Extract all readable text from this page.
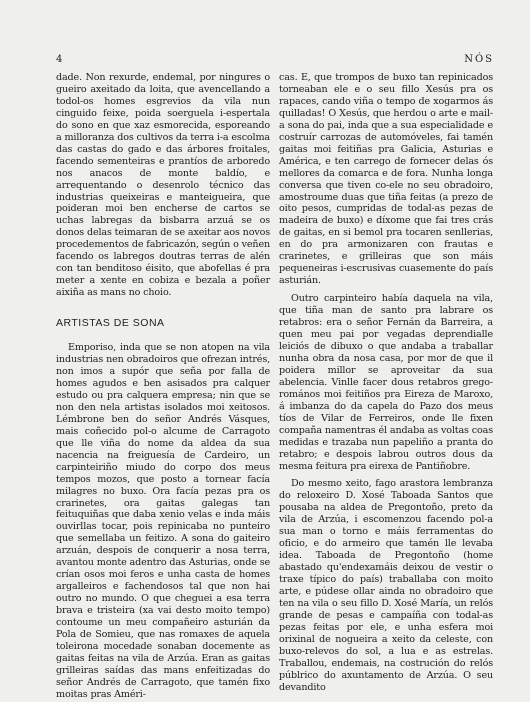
4	NÓS

dade. Non rexurde, endemal, por ningures o gueiro axeitado da loita, que avencellando a todol-os homes esgrevios da vila nun cinguido feixe, poida soerguela i-espertala do sono en que xaz esmorecida, esporeando a milloranza dos cultivos da terra i-a escolma das castas do gado e das árbores froitales, facendo sementeiras e prantíos de arboredo nos anacos de monte baldío, e arrequentando o desenrolo técnico das industrias queixeiras e manteigueira, que poideran moi ben encherse de cartos se uchas labregas da bisbarra arzuá se os donos delas teimaran de se axeitar aos novos procedementos de fabricazón, según o veñen facendo os labregos doutras terras de alén con tan benditoso éisito, que abofellas é pra meter a xente en cobiza e bezala a poñer aixiña as mans no choio.

ARTISTAS DE SONA

Emporiso, inda que se non atopen na vila industrias nen obradoiros que ofrezan intrés, non imos a supór que seña por falla de homes agudos e ben asisados pra calquer estudo ou pra calquera empresa; nin que se non den nela artistas isolados moi xeitosos. Lémbrone ben do señor Andrés Vásques, mais coñecido pol-o alcume de Carragoto que lle viña do nome da aldea da sua nacencia na freiguesía de Cardeiro, un carpinteiriño miudo do corpo dos meus tempos mozos, que posto a tornear facía milagres no buxo. Ora facía pezas pra os crarinetes, ora gaitas galegas tan feituquiñas que daba xenio velas e inda máis ouvirllas tocar, pois repinicaba no punteiro que semellaba un feitizo. A sona do gaiteiro arzuán, despois de conquerir a nosa terra, avantou monte adentro das Asturias, onde se crían osos moi feros e unha casta de homes argalleiros e fachendosos tal que non hai outro no mundo. O que cheguei a esa terra brava e tristeira (xa vai desto moito tempo) contoume un meu compañeiro asturián da Pola de Somieu, que nas romaxes de aquela toleirona mocedade sonaban docemente as gaitas feitas na vila de Arzúa. Eran as gaitas grilleiras saídas das mans enfeitizadas do señor Andrés de Carragoto, que tamén fixo moitas pras Améri-

cas. E, que trompos de buxo tan repinicados torneaban ele e o seu fillo Xesús pra os rapaces, cando viña o tempo de xogarmos ás quilladas! O Xesús, que herdou o arte e mail-a sona do pai, inda que a sua especialidade e costruír carrozas de automóveles, fai tamén gaitas moi feitiñas pra Galicia, Asturias e América, e ten carrego de fornecer delas ós mellores da comarca e de fora. Nunha longa conversa que tiven co-ele no seu obradoiro, amostroume duas que tiña feitas (a prezo de oito pesos, cumpridas de todal-as pezas de madeira de buxo) e díxome que fai tres crás de gaitas, en si bemol pra tocaren senllerias, en do pra armonizaren con frautas e crarinetes, e grilleiras que son máis pequeneiras i-escrusivas cuasemente do país asturián.

Outro carpinteiro había daquela na vila, que tiña man de santo pra labrare os retabros: era o señor Fernán da Barreira, a quen meu pai por vegadas deprendialle leiciós de dibuxo o que andaba a traballar nunha obra da nosa casa, por mor de que il poidera millor se aproveitar da sua abelencia. Vinlle facer dous retabros grego-romános moi feitiños pra Eireza de Maroxo, á imbanza do da capela do Pazo dos meus tíos de Vilar de Ferreiros, onde lle fixen compaña namentras él andaba as voltas coas medidas e trazaba nun papeliño a pranta do retabro; e despois labrou outros dous da mesma feitura pra eirexa de Pantiñobre.

Do mesmo xeito, fago arastora lembranza do reloxeiro D. Xosé Taboada Santos que pousaba na aldea de Pregontoño, preto da vila de Arzúa, i escomenzou facendo pol-a sua man o torno e máis ferramentas do oficio, e do armeiro que tamén lle levaba idea. Taboada de Pregontoño (home abastado qu'endexamáis deixou de vestir o traxe típico do país) traballaba con moito arte, e púdese ollar ainda no obradoiro que ten na vila o seu fillo D. Xosé María, un relós grande de pesas e campaíña con todal-as pezas feitas por ele, e unha esfera moi orixinal de nogueira a xeito da celeste, con buxo-relevos do sol, a lua e as estrelas. Traballou, endemais, na costrución do relós públrico do axuntamento de Arzúa. O seu devandito
